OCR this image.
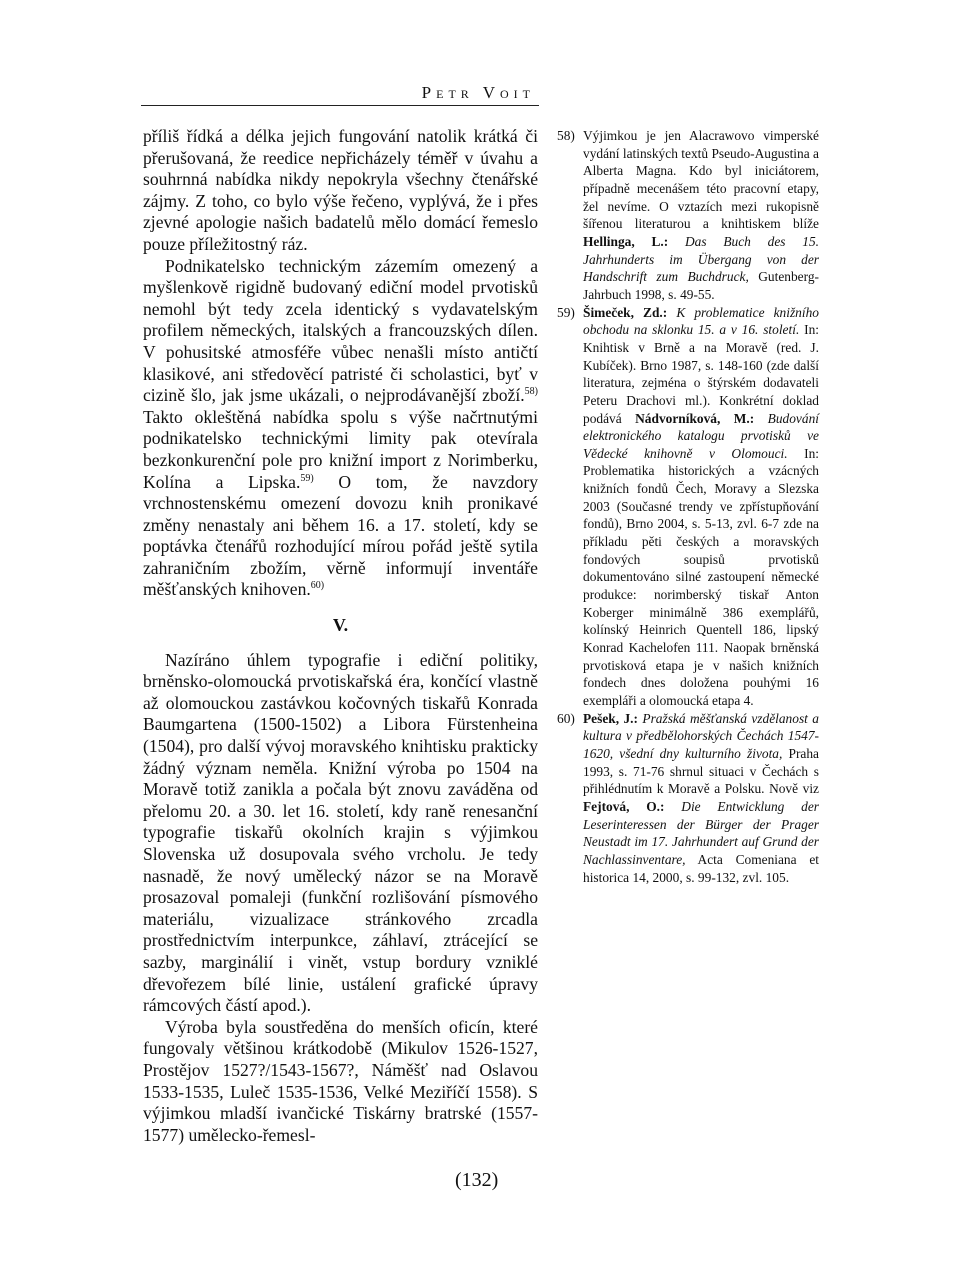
Petr Voit

příliš řídká a délka jejich fungování natolik krátká či přerušovaná, že reedice nepřicházely téměř v úvahu a souhrnná nabídka nikdy nepokryla všechny čtenářské zájmy. Z toho, co bylo výše řečeno, vyplývá, že i přes zjevné apologie našich badatelů mělo domácí řemeslo pouze příležitostný ráz.

Podnikatelsko technickým zázemím omezený a myšlenkově rigidně budovaný ediční model prvotisků nemohl být tedy zcela identický s vydavatelským profilem německých, italských a francouzských dílen. V pohusitské atmosféře vůbec nenašli místo antičtí klasikové, ani středověcí patristé či scholastici, byť v cizině šlo, jak jsme ukázali, o nejprodávanější zboží.$^{58)}$ Takto okleštěná nabídka spolu s výše načrtnutými podnikatelsko technickými limity pak otevírala bezkonkurenční pole pro knižní import z Norimberku, Kolína a Lipska.$^{59)}$ O tom, že navzdory vrchnostenskému omezení dovozu knih pronikavé změny nenastaly ani během 16. a 17. století, kdy se poptávka čtenářů rozhodující mírou pořád ještě sytila zahraničním zbožím, věrně informují inventáře měšťanských knihoven.$^{60)}$

V.

Nazíráno úhlem typografie i ediční politiky, brněnsko-olomoucká prvotiskařská éra, končící vlastně až olomouckou zastávkou kočovných tiskařů Konrada Baumgartena (1500-1502) a Libora Fürstenheina (1504), pro další vývoj moravského knihtisku prakticky žádný význam neměla. Knižní výroba po 1504 na Moravě totiž zanikla a počala být znovu zaváděna od přelomu 20. a 30. let 16. století, kdy raně renesanční typografie tiskařů okolních krajin s výjimkou Slovenska už dosupovala svého vrcholu. Je tedy nasnadě, že nový umělecký názor se na Moravě prosazoval pomaleji (funkční rozlišování písmového materiálu, vizualizace stránkového zrcadla prostřednictvím interpunkce, záhlaví, ztrácející se sazby, marginálií i vinět, vstup bordury vzniklé dřevořezem bílé linie, ustálení grafické úpravy rámcových částí apod.).

Výroba byla soustředěna do menších oficín, které fungovaly většinou krátkodobě (Mikulov 1526-1527, Prostějov 1527?/1543-1567?, Náměšť nad Oslavou 1533-1535, Luleč 1535-1536, Velké Meziříčí 1558). S výjimkou mladší ivančické Tiskárny bratrské (1557-1577) umělecko-řemesl-

58) Výjimkou je jen Alacrawovo vimperské vydání latinských textů Pseudo-Augustina a Alberta Magna. Kdo byl iniciátorem, případně mecenášem této pracovní etapy, žel nevíme. O vztazích mezi rukopisně šířenou literaturou a knihtiskem blíže Hellinga, L.: Das Buch des 15. Jahrhunderts im Übergang von der Handschrift zum Buchdruck, Gutenberg-Jahrbuch 1998, s. 49-55.
59) Šimeček, Zd.: K problematice knižního obchodu na sklonku 15. a v 16. století. In: Knihtisk v Brně a na Moravě (red. J. Kubíček). Brno 1987, s. 148-160 (zde další literatura, zejména o štýrském dodavateli Peteru Drachovi ml.). Konkrétní doklad podává Nádvorníková, M.: Budování elektronického katalogu prvotisků ve Vědecké knihovně v Olomouci. In: Problematika historických a vzácných knižních fondů Čech, Moravy a Slezska 2003 (Současné trendy ve zpřístupňování fondů), Brno 2004, s. 5-13, zvl. 6-7 zde na příkladu pěti českých a moravských fondových soupisů prvotisků dokumentováno silné zastoupení německé produkce: norimberský tiskař Anton Koberger minimálně 386 exemplářů, kolínský Heinrich Quentell 186, lipský Konrad Kachelofen 111. Naopak brněnská prvotisková etapa je v našich knižních fondech dnes doložena pouhými 16 exempláři a olomoucká etapa 4.
60) Pešek, J.: Pražská měšťanská vzdělanost a kultura v předbělohorských Čechách 1547-1620, všední dny kulturního života, Praha 1993, s. 71-76 shrnul situaci v Čechách s přihlédnutím k Moravě a Polsku. Nově viz Fejtová, O.: Die Entwicklung der Leserinteressen der Bürger der Prager Neustadt im 17. Jahrhundert auf Grund der Nachlassinventare, Acta Comeniana et historica 14, 2000, s. 99-132, zvl. 105.
(132)
